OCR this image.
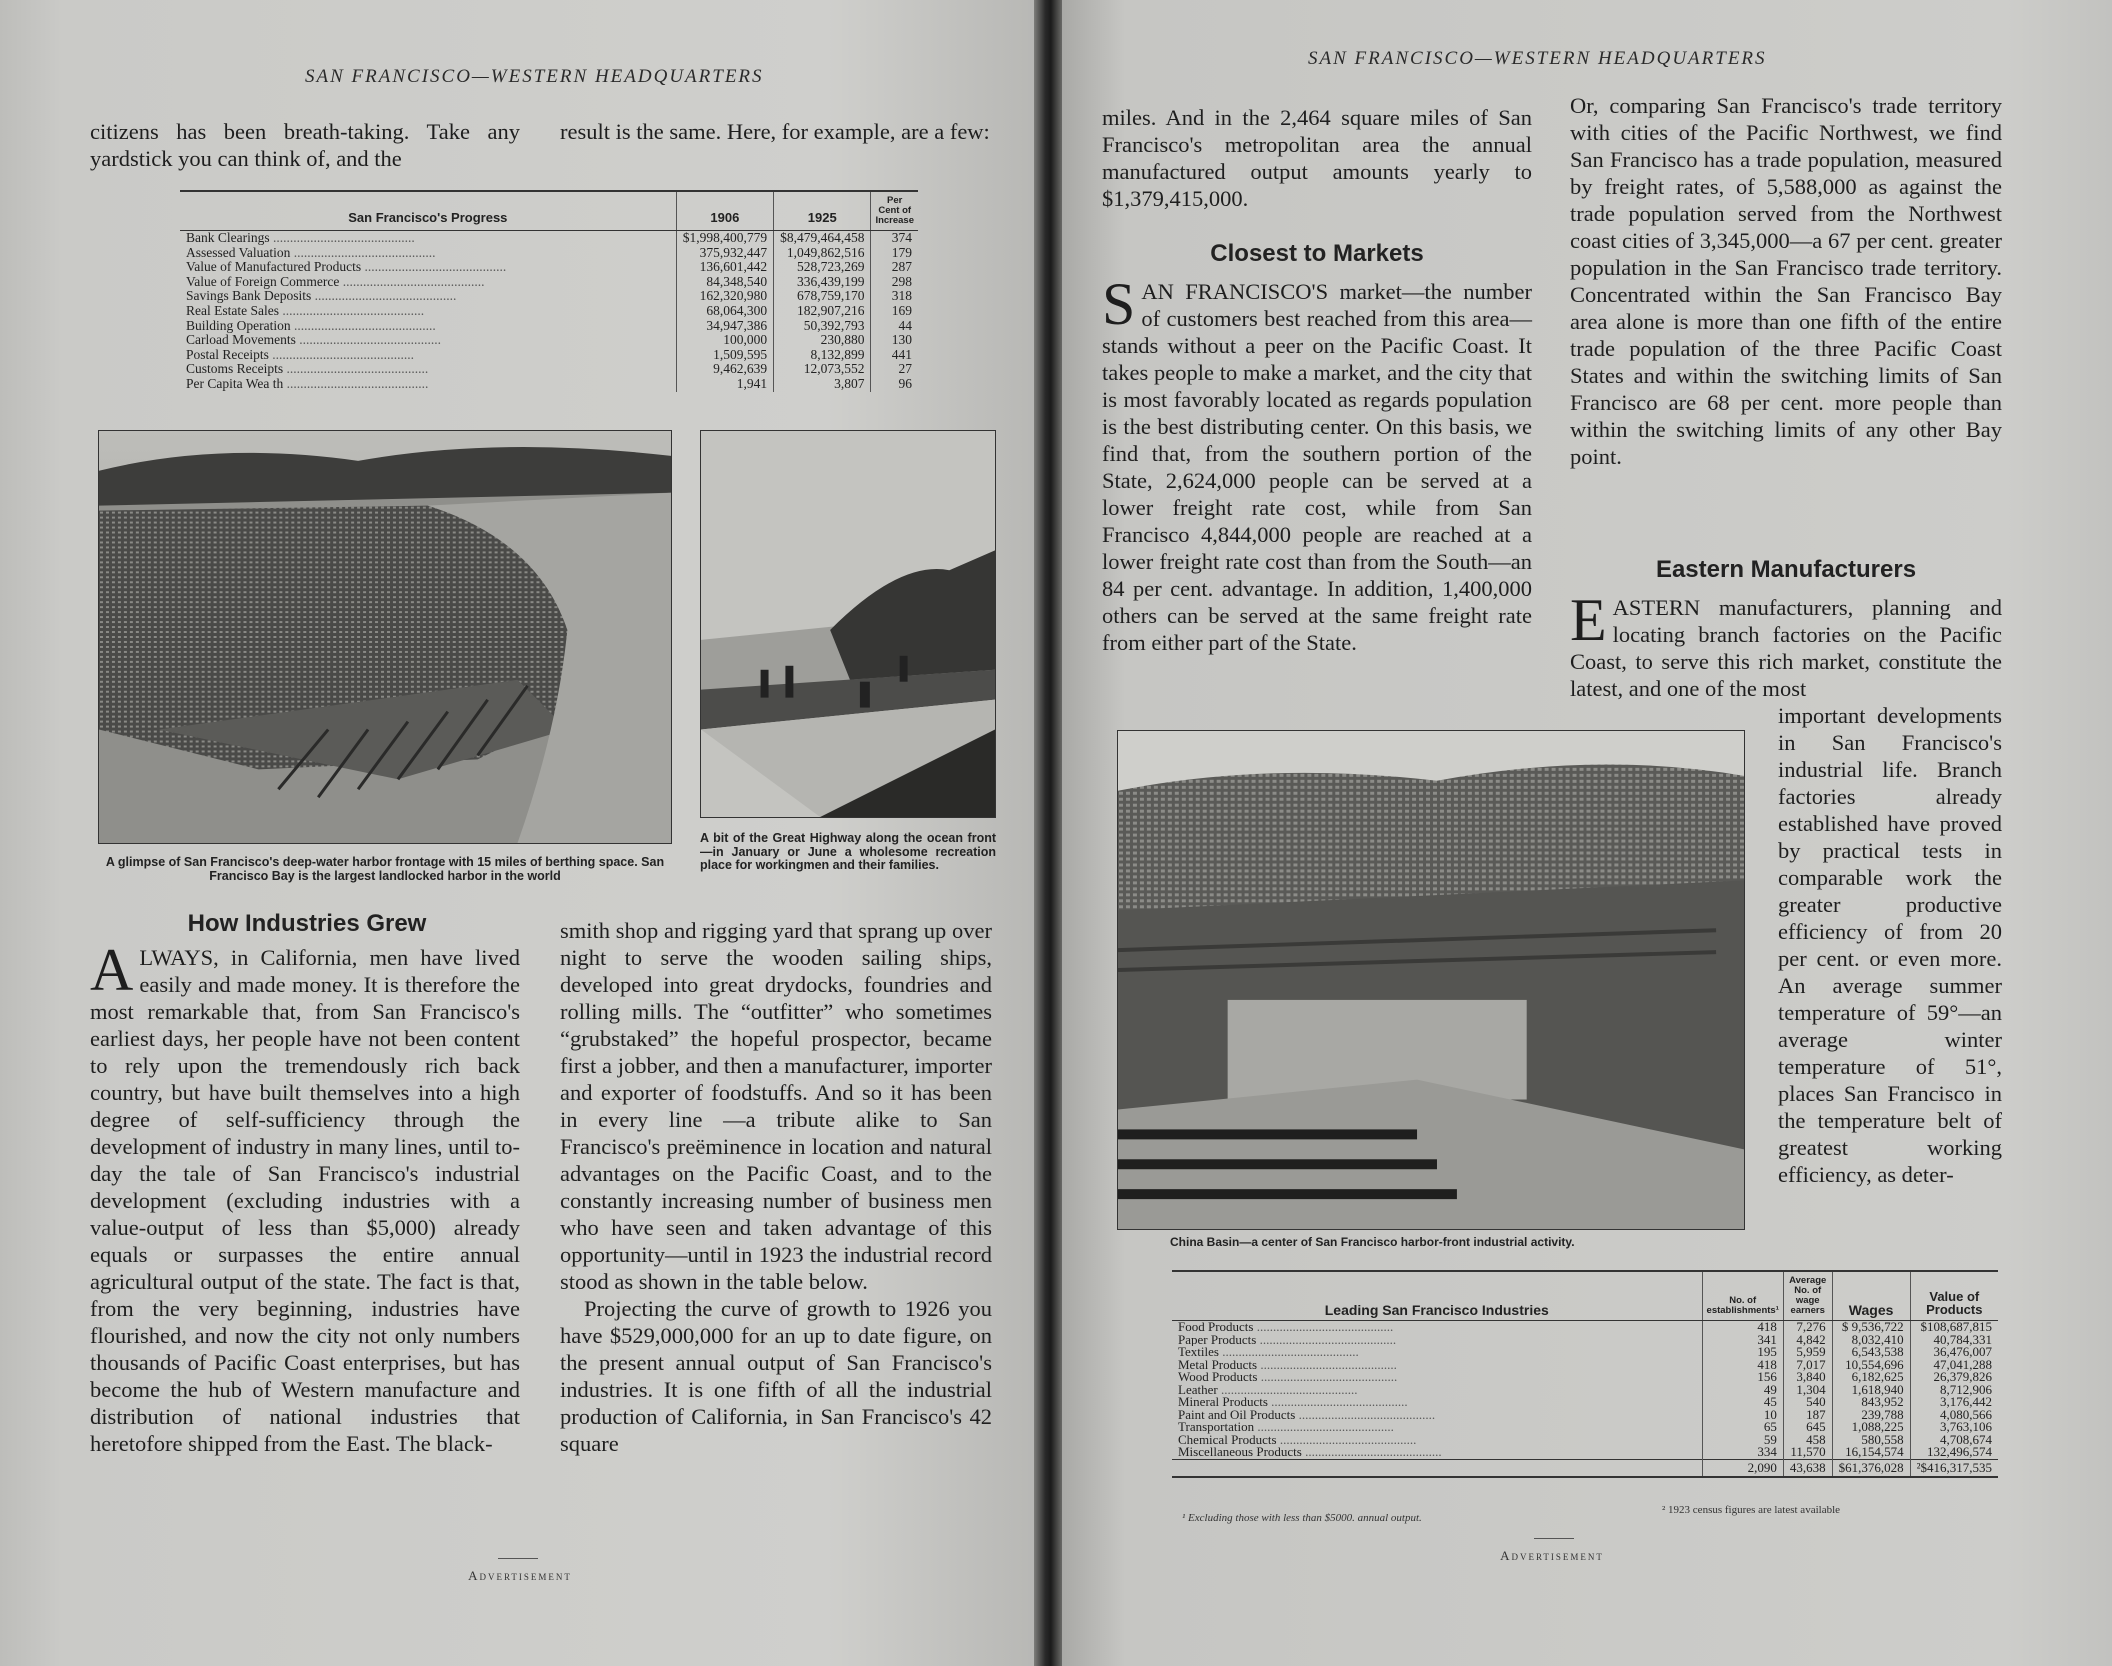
SAN FRANCISCO—WESTERN HEADQUARTERS
citizens has been breath-taking. Take any yardstick you can think of, and the
result is the same. Here, for example, are a few:
San Francisco's Progress	1906	1925	Per Cent of Increase
Bank Clearings ..........................................	$1,998,400,779	$8,479,464,458	374
Assessed Valuation ..........................................	375,932,447	1,049,862,516	179
Value of Manufactured Products ..........................................	136,601,442	528,723,269	287
Value of Foreign Commerce ..........................................	84,348,540	336,439,199	298
Savings Bank Deposits ..........................................	162,320,980	678,759,170	318
Real Estate Sales ..........................................	68,064,300	182,907,216	169
Building Operation ..........................................	34,947,386	50,392,793	44
Carload Movements ..........................................	100,000	230,880	130
Postal Receipts ..........................................	1,509,595	8,132,899	441
Customs Receipts ..........................................	9,462,639	12,073,552	27
Per Capita Wea th ..........................................	1,941	3,807	96
A glimpse of San Francisco's deep-water harbor frontage with 15 miles of berthing space. San Francisco Bay is the largest landlocked harbor in the world
A bit of the Great Highway along the ocean front—in January or June a wholesome recreation place for workingmen and their families.
How Industries Grew

ALWAYS, in California, men have lived easily and made money. It is therefore the most remarkable that, from San Francisco's earliest days, her people have not been content to rely upon the tremendously rich back country, but have built themselves into a high degree of self-sufficiency through the development of industry in many lines, until to-day the tale of San Francisco's industrial development (excluding industries with a value-output of less than $5,000) already equals or surpasses the entire annual agricultural output of the state. The fact is that, from the very beginning, industries have flourished, and now the city not only numbers thousands of Pacific Coast enterprises, but has become the hub of Western manufacture and distribution of national industries that heretofore shipped from the East. The black-

smith shop and rigging yard that sprang up over night to serve the wooden sailing ships, developed into great drydocks, foundries and rolling mills. The “outfitter” who sometimes “grubstaked” the hopeful prospector, became first a jobber, and then a manufacturer, importer and exporter of foodstuffs. And so it has been in every line —a tribute alike to San Francisco's preëminence in location and natural advantages on the Pacific Coast, and to the constantly increasing number of business men who have seen and taken advantage of this opportunity—until in 1923 the industrial record stood as shown in the table below.

Projecting the curve of growth to 1926 you have $529,000,000 for an up to date figure, on the present annual output of San Francisco's industries. It is one fifth of all the industrial production of California, in San Francisco's 42 square

Advertisement
SAN FRANCISCO—WESTERN HEADQUARTERS
miles. And in the 2,464 square miles of San Francisco's metropolitan area the annual manufactured output amounts yearly to $1,379,415,000.
Closest to Markets

SAN FRANCISCO'S market—the number of customers best reached from this area—stands without a peer on the Pacific Coast. It takes people to make a market, and the city that is most favorably located as regards population is the best distributing center. On this basis, we find that, from the southern portion of the State, 2,624,000 people can be served at a lower freight rate cost, while from San Francisco 4,844,000 people are reached at a lower freight rate cost than from the South—an 84 per cent. advantage. In addition, 1,400,000 others can be served at the same freight rate from either part of the State.

Or, comparing San Francisco's trade territory with cities of the Pacific Northwest, we find San Francisco has a trade population, measured by freight rates, of 5,588,000 as against the trade population served from the Northwest coast cities of 3,345,000—a 67 per cent. greater population in the San Francisco trade territory. Concentrated within the San Francisco Bay area alone is more than one fifth of the entire trade population of the three Pacific Coast States and within the switching limits of San Francisco are 68 per cent. more people than within the switching limits of any other Bay point.
Eastern Manufacturers

EASTERN manufacturers, planning and locating branch factories on the Pacific Coast, to serve this rich market, constitute the latest, and one of the most

important developments in San Francisco's industrial life. Branch factories already established have proved by practical tests in comparable work the greater productive efficiency of from 20 per cent. or even more. An average summer temperature of 59°—an average winter temperature of 51°, places San Francisco in the temperature belt of greatest working efficiency, as deter-
China Basin—a center of San Francisco harbor-front industrial activity.
Leading San Francisco Industries	No. of establishments¹	Average No. of wage earners	Wages	Value of Products
Food Products ..........................................	418	7,276	$ 9,536,722	$108,687,815
Paper Products ..........................................	341	4,842	8,032,410	40,784,331
Textiles ..........................................	195	5,959	6,543,538	36,476,007
Metal Products ..........................................	418	7,017	10,554,696	47,041,288
Wood Products ..........................................	156	3,840	6,182,625	26,379,826
Leather ..........................................	49	1,304	1,618,940	8,712,906
Mineral Products ..........................................	45	540	843,952	3,176,442
Paint and Oil Products ..........................................	10	187	239,788	4,080,566
Transportation ..........................................	65	645	1,088,225	3,763,106
Chemical Products ..........................................	59	458	580,558	4,708,674
Miscellaneous Products ..........................................	334	11,570	16,154,574	132,496,574
	2,090	43,638	$61,376,028	²$416,317,535
¹ Excluding those with less than $5000. annual output.
² 1923 census figures are latest available
Advertisement
